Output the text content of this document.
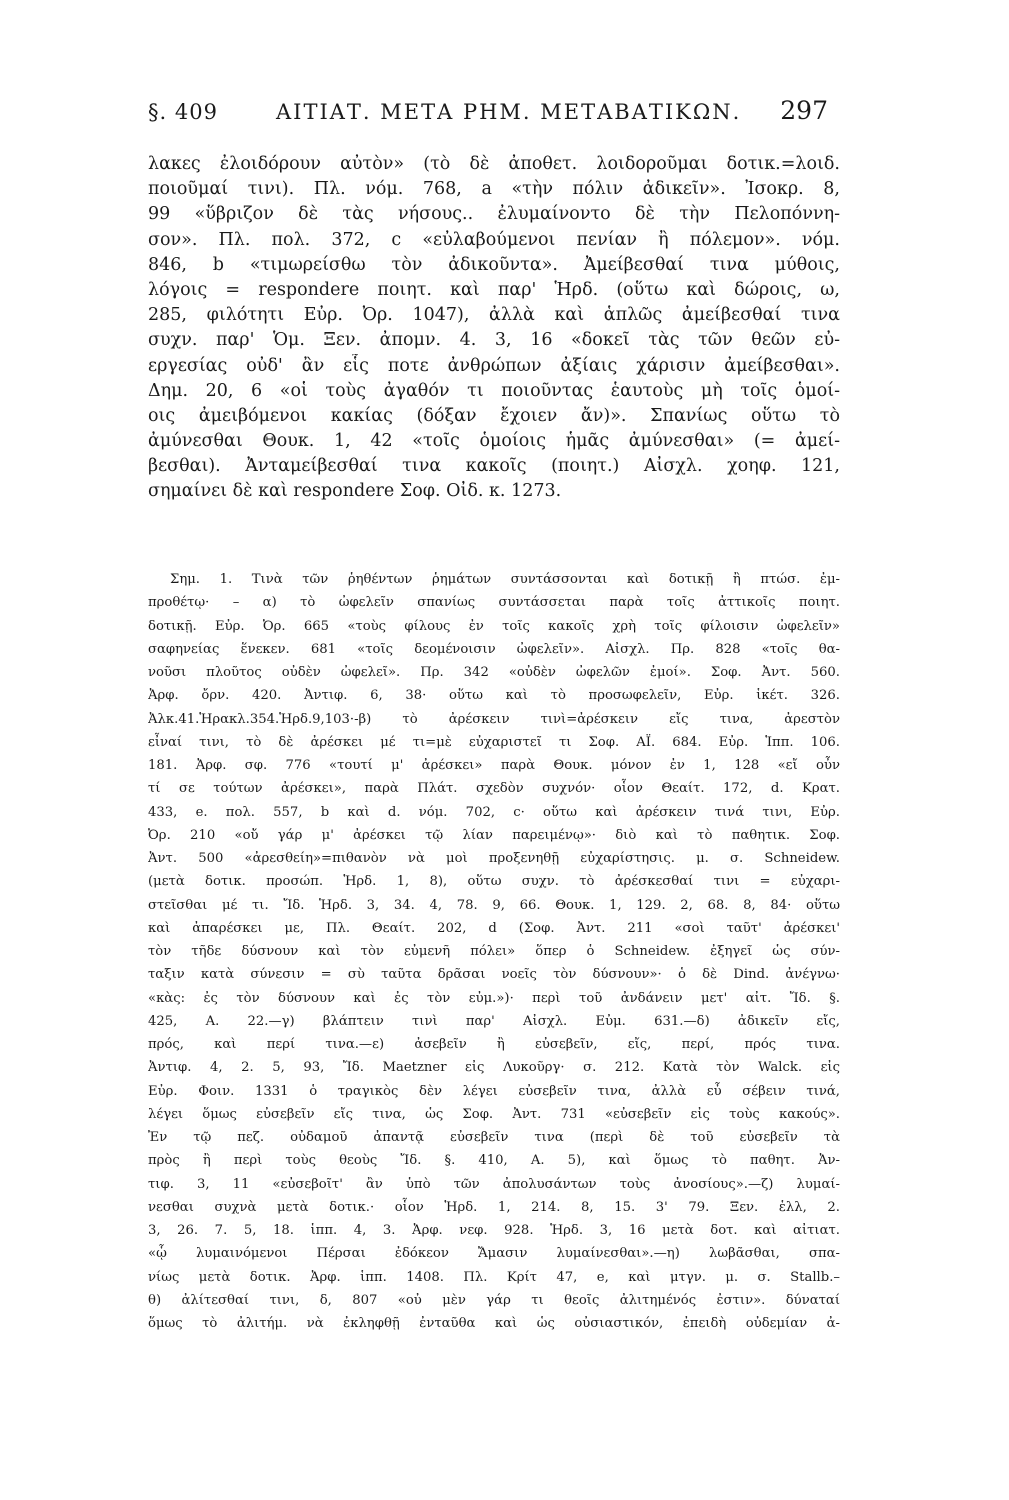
§. 409	ΑΙΤΙΑΤ. ΜΕΤΑ ΡΗΜ. ΜΕΤΑΒΑΤΙΚΩΝ. 297
λακες ἐλοιδόρουν αὐτὸν» (τὸ δὲ ἀποθετ. λοιδοροῦμαι δοτικ.=λοιδ.
ποιοῦμαί τινι). Πλ. νόμ. 768, a «τὴν πόλιν ἀδικεῖν». Ἰσοκρ. 8,
99 «ὕβριζον δὲ τὰς νήσους.. ἐλυμαίνοντο δὲ τὴν Πελοπόννη-
σον». Πλ. πολ. 372, c «εὐλαβούμενοι πενίαν ἢ πόλεμον». νόμ.
846, b «τιμωρείσθω τὸν ἀδικοῦντα». Ἀμείβεσθαί τινα μύθοις,
λόγοις = respondere ποιητ. καὶ παρ' Ἡρδ. (οὕτω καὶ δώροις, ω,
285, φιλότητι Εὐρ. Ὀρ. 1047), ἀλλὰ καὶ ἁπλῶς ἀμείβεσθαί τινα
συχν. παρ' Ὁμ. Ξεν. ἀπομν. 4. 3, 16 «δοκεῖ τὰς τῶν θεῶν εὐ-
εργεσίας οὐδ' ἂν εἷς ποτε ἀνθρώπων ἀξίαις χάρισιν ἀμείβεσθαι».
Δημ. 20, 6 «οἱ τοὺς ἀγαθόν τι ποιοῦντας ἑαυτοὺς μὴ τοῖς ὁμοί-
οις ἀμειβόμενοι κακίας (δόξαν ἔχοιεν ἄν)». Σπανίως οὕτω τὸ
ἀμύνεσθαι Θουκ. 1, 42 «τοῖς ὁμοίοις ἡμᾶς ἀμύνεσθαι» (= ἀμεί-
βεσθαι). Ἀνταμείβεσθαί τινα κακοῖς (ποιητ.) Αἰσχλ. χοηφ. 121,
σημαίνει δὲ καὶ respondere Σοφ. Οἰδ. κ. 1273.
Σημ. 1. Τινὰ τῶν ῥηθέντων ῥημάτων συντάσσονται καὶ δοτικῇ ἢ πτώσ. ἐμ-
προθέτῳ· – α) τὸ ὠφελεῖν σπανίως συντάσσεται παρὰ τοῖς ἀττικοῖς ποιητ.
δοτικῇ. Εὐρ. Ὀρ. 665 «τοὺς φίλους ἐν τοῖς κακοῖς χρὴ τοῖς φίλοισιν ὠφελεῖν»
σαφηνείας ἕνεκεν. 681 «τοῖς δεομένοισιν ὠφελεῖν». Αἰσχλ. Πρ. 828 «τοῖς θα-
νοῦσι πλοῦτος οὐδὲν ὠφελεῖ». Πρ. 342 «οὐδὲν ὠφελῶν ἐμοί». Σοφ. Ἀντ. 560.
Ἀρφ. ὄρν. 420. Ἀντιφ. 6, 38· οὕτω καὶ τὸ προσωφελεῖν, Εὐρ. ἱκέτ. 326.
Ἀλκ.41.Ἡρακλ.354.Ἡρδ.9,103·-β) τὸ ἀρέσκειν τινὶ=ἀρέσκειν εἴς τινα, ἀρεστὸν
εἶναί τινι, τὸ δὲ ἀρέσκει μέ τι=μὲ εὐχαριστεῖ τι Σοφ. ΑΪ. 684. Εὐρ. Ἱππ. 106.
181. Ἀρφ. σφ. 776 «τουτί μ' ἀρέσκει» παρὰ Θουκ. μόνον ἐν 1, 128 «εἴ οὖν
τί σε τούτων ἀρέσκει», παρὰ Πλάτ. σχεδὸν συχνόν· οἷον Θεαίτ. 172, d. Κρατ.
433, e. πολ. 557, b καὶ d. νόμ. 702, c· οὕτω καὶ ἀρέσκειν τινά τινι, Εὐρ.
Ὀρ. 210 «οὔ γάρ μ' ἀρέσκει τῷ λίαν παρειμένῳ»· διὸ καὶ τὸ παθητικ. Σοφ.
Ἀντ. 500 «ἀρεσθείη»=πιθανὸν νὰ μοὶ προξενηθῇ εὐχαρίστησις. μ. σ. Schneidew.
(μετὰ δοτικ. προσώπ. Ἡρδ. 1, 8), οὕτω συχν. τὸ ἀρέσκεσθαί τινι = εὐχαρι-
στεῖσθαι μέ τι. Ἴδ. Ἡρδ. 3, 34. 4, 78. 9, 66. Θουκ. 1, 129. 2, 68. 8, 84· οὕτω
καὶ ἀπαρέσκει με, Πλ. Θεαίτ. 202, d (Σοφ. Ἀντ. 211 «σοὶ ταῦτ' ἀρέσκει'
τὸν τῆδε δύσνουν καὶ τὸν εὐμενῆ πόλει» ὅπερ ὁ Schneidew. ἐξηγεῖ ὡς σύν-
ταξιν κατὰ σύνεσιν = σὺ ταῦτα δρᾶσαι νοεῖς τὸν δύσνουν»· ὁ δὲ Dind. ἀνέγνω·
«κὰς: ἐς τὸν δύσνουν καὶ ἐς τὸν εὐμ.»)· περὶ τοῦ ἀνδάνειν μετ' αἰτ. Ἴδ. §.
425, Α. 22.—γ) βλάπτειν τινὶ παρ' Αἰσχλ. Εὐμ. 631.—δ) ἀδικεῖν εἴς,
πρός, καὶ περί τινα.—ε) ἀσεβεῖν ἢ εὐσεβεῖν, εἴς, περί, πρός τινα.
Ἀντιφ. 4, 2. 5, 93, Ἴδ. Maetzner εἰς Λυκοῦργ· σ. 212. Κατὰ τὸν Walck. εἰς
Εὐρ. Φοιν. 1331 ὁ τραγικὸς δὲν λέγει εὐσεβεῖν τινα, ἀλλὰ εὖ σέβειν τινά,
λέγει ὅμως εὐσεβεῖν εἴς τινα, ὡς Σοφ. Ἀντ. 731 «εὐσεβεῖν εἰς τοὺς κακούς».
Ἐν τῷ πεζ. οὐδαμοῦ ἀπαντᾷ εὐσεβεῖν τινα (περὶ δὲ τοῦ εὐσεβεῖν τὰ
πρὸς ἢ περὶ τοὺς θεοὺς Ἴδ. §. 410, Α. 5), καὶ ὅμως τὸ παθητ. Ἀν-
τιφ. 3, 11 «εὐσεβοῖτ' ἂν ὑπὸ τῶν ἀπολυσάντων τοὺς ἀνοσίους».—ζ) λυμαί-
νεσθαι συχνὰ μετὰ δοτικ.· οἷον Ἡρδ. 1, 214. 8, 15. 3' 79. Ξεν. ἑλλ, 2.
3, 26. 7. 5, 18. ἱππ. 4, 3. Ἀρφ. νεφ. 928. Ἡρδ. 3, 16 μετὰ δοτ. καὶ αἰτιατ.
«ᾧ λυμαινόμενοι Πέρσαι ἐδόκεον Ἄμασιν λυμαίνεσθαι».—η) λωβᾶσθαι, σπα-
νίως μετὰ δοτικ. Ἀρφ. ἱππ. 1408. Πλ. Κρίτ 47, e, καὶ μτγν. μ. σ. Stallb.–
θ) ἀλίτεσθαί τινι, δ, 807 «οὐ μὲν γάρ τι θεοῖς ἀλιτημένός ἐστιν». δύναταί
ὅμως τὸ ἀλιτήμ. νὰ ἐκληφθῇ ἐνταῦθα καὶ ὡς οὐσιαστικόν, ἐπειδὴ οὐδεμίαν ἀ-
